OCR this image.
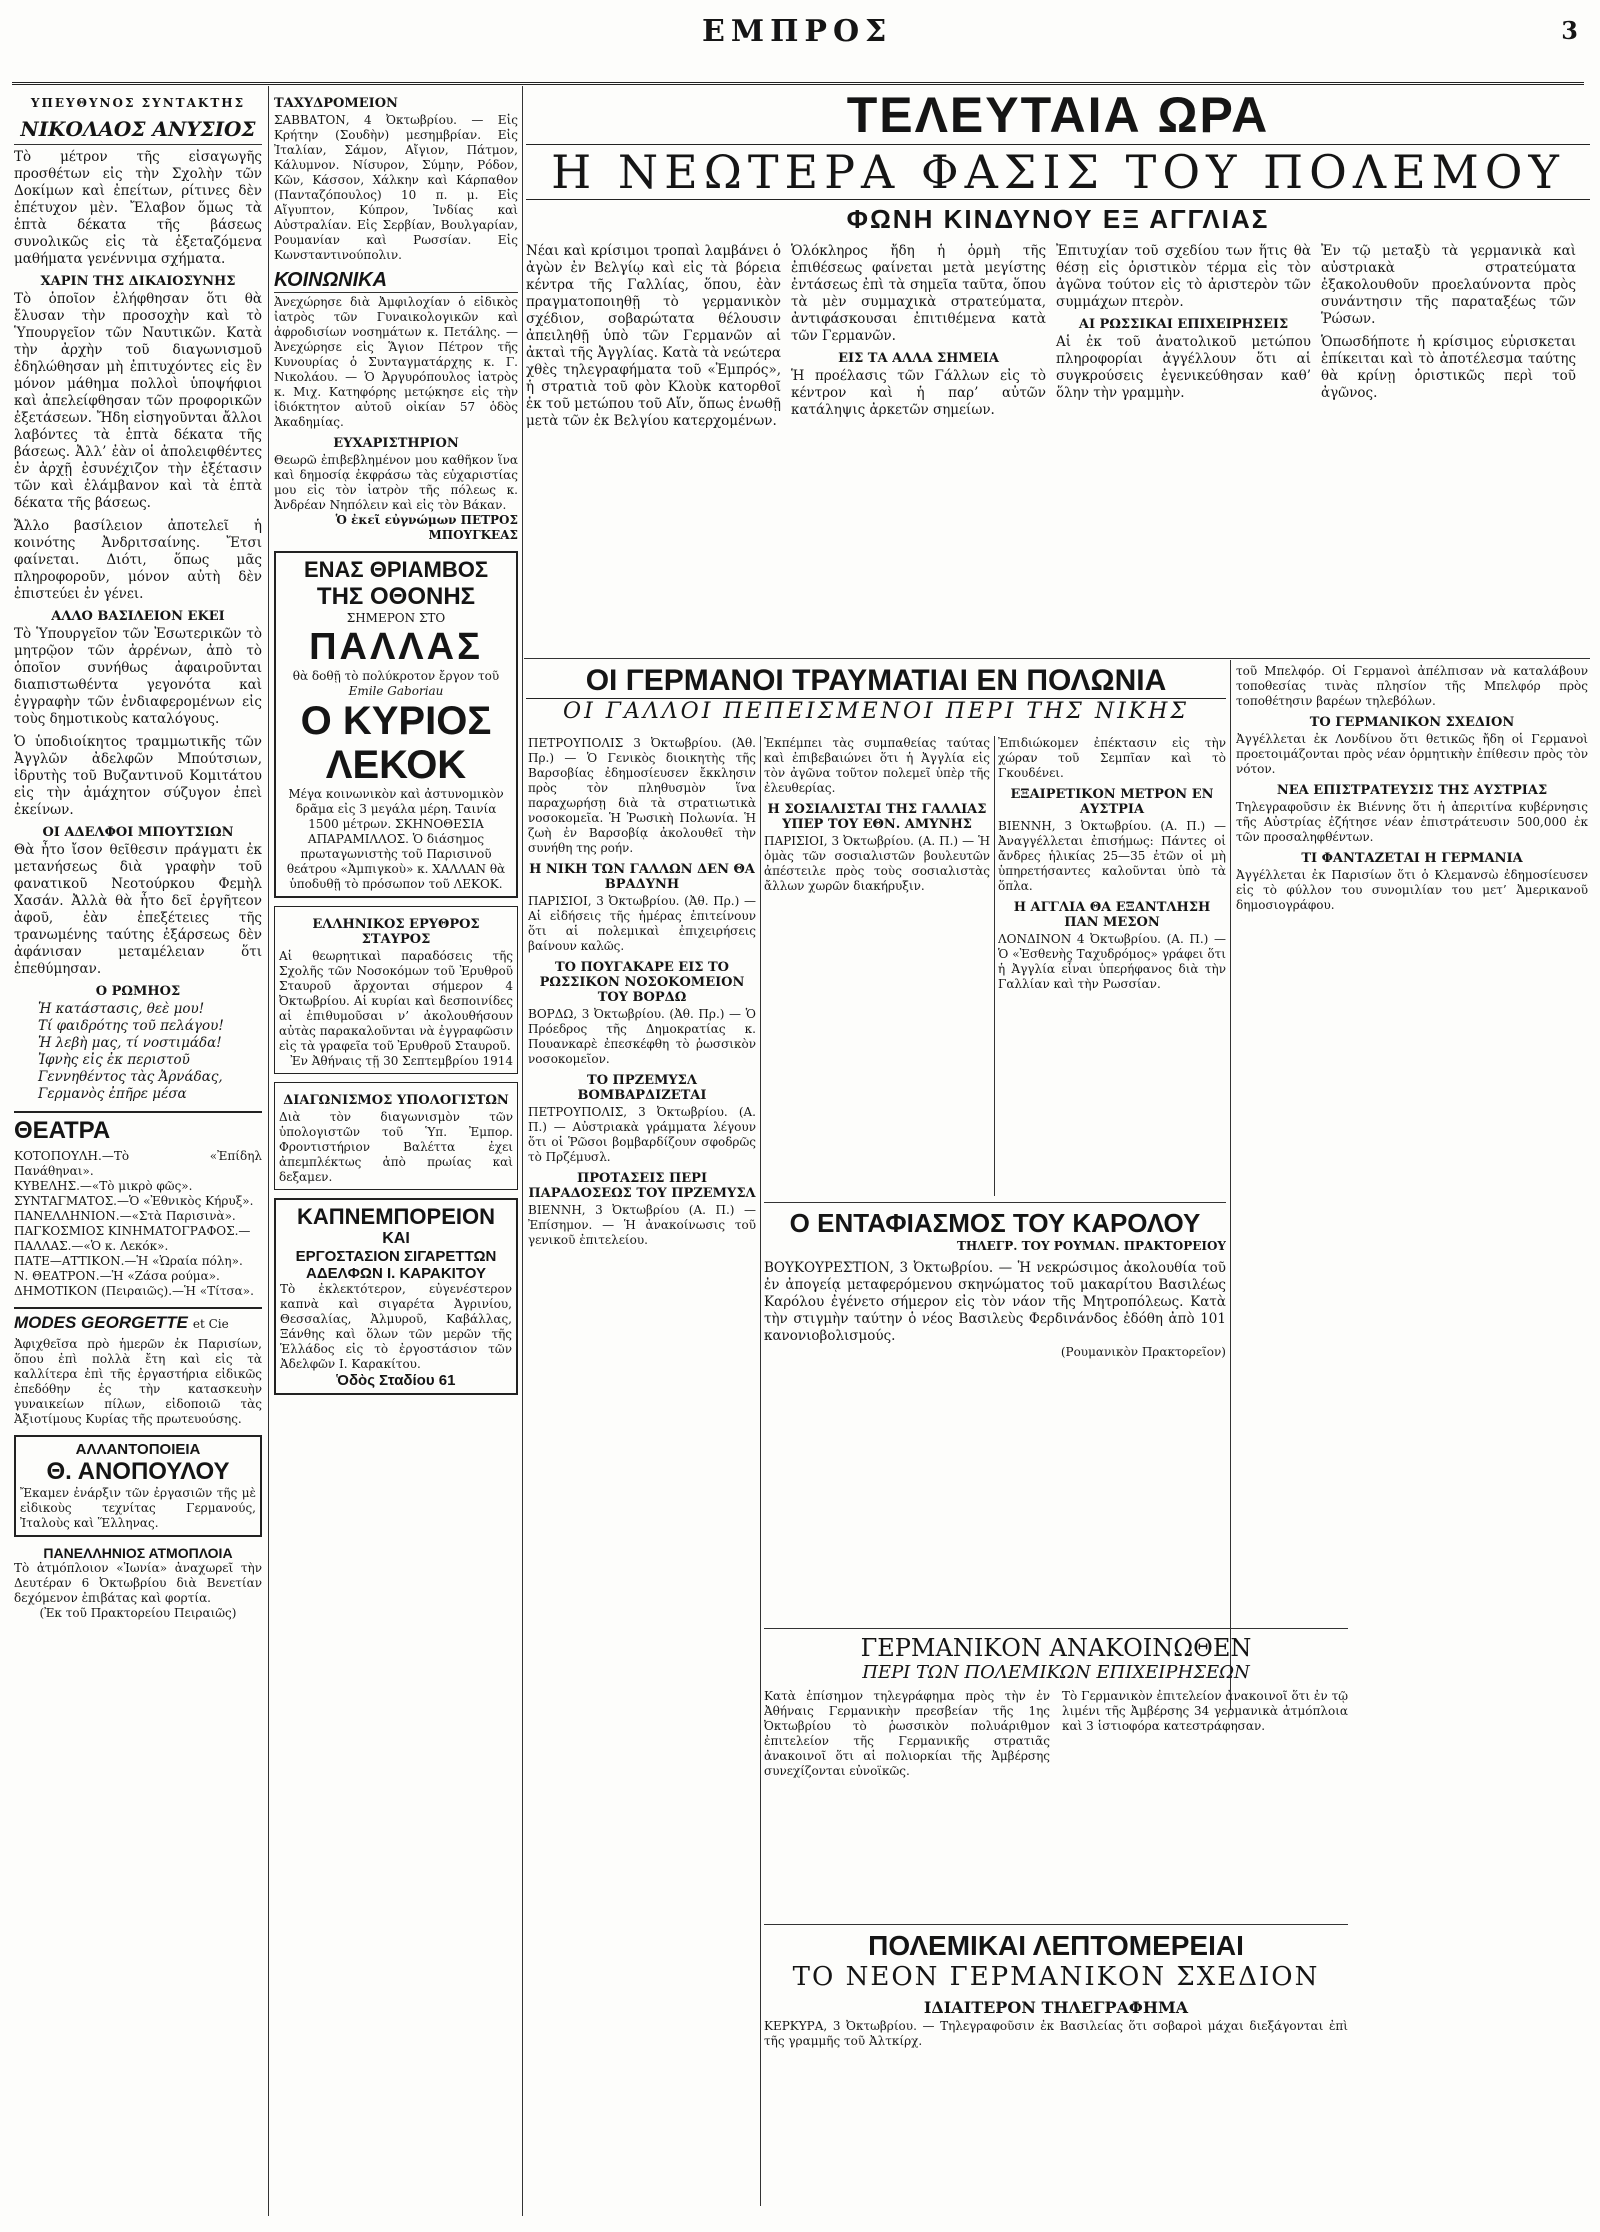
ΕΜΠΡΟΣ	3
ΥΠΕΥΘΥΝΟΣ ΣΥΝΤΑΚΤΗΣ
ΝΙΚΟΛΑΟΣ ΑΝΥΣΙΟΣ

Τὸ μέτρον τῆς εἰσαγωγῆς προσθέτων εἰς τὴν Σχολὴν τῶν Δοκίμων καὶ ἐπείτων, ρίτινες δὲν ἐπέτυχον μὲν. Ἔλαβον ὅμως τὰ ἑπτὰ δέκατα τῆς βάσεως συνολικῶς εἰς τὰ ἐξεταζόμενα μαθήματα γενέννιμα σχήματα.

ΧΑΡΙΝ ΤΗΣ ΔΙΚΑΙΟΣΥΝΗΣ

Τὸ ὁποῖον ἐλήφθησαν ὅτι θὰ ἔλυσαν τὴν προσοχὴν καὶ τὸ Ὑπουργεῖον τῶν Ναυτικῶν. Κατὰ τὴν ἀρχὴν τοῦ διαγωνισμοῦ ἐδηλώθησαν μὴ ἐπιτυχόντες εἰς ἓν μόνον μάθημα πολλοὶ ὑποψήφιοι καὶ ἀπελείφθησαν τῶν προφορικῶν ἐξετάσεων. Ἤδη εἰσηγοῦνται ἄλλοι λαβόντες τὰ ἑπτὰ δέκατα τῆς βάσεως. Ἀλλ’ ἐὰν οἱ ἀπολειφθέντες ἐν ἀρχῇ ἐσυνέχιζον τὴν ἐξέτασιν τῶν καὶ ἐλάμβανον καὶ τὰ ἑπτὰ δέκατα τῆς βάσεως.

Ἄλλο βασίλειον ἀποτελεῖ ἡ κοινότης Ἀνδριτσαίνης. Ἔτσι φαίνεται. Διότι, ὅπως μᾶς πληροφοροῦν, μόνον αὐτὴ δὲν ἐπιστεύει ἐν γένει.

ΑΛΛΟ ΒΑΣΙΛΕΙΟΝ ΕΚΕΙ

Τὸ Ὑπουργεῖον τῶν Ἐσωτερικῶν τὸ μητρῷον τῶν ἀρρένων, ἀπὸ τὸ ὁποῖον συνήθως ἀφαιροῦνται διαπιστωθέντα γεγονότα καὶ ἐγγραφὴν τῶν ἐνδιαφερομένων εἰς τοὺς δημοτικοὺς καταλόγους.

Ὁ ὑποδιοίκητος τραμμωτικῆς τῶν Ἀγγλῶν ἀδελφῶν Μπούτσιων, ἰδρυτὴς τοῦ Βυζαντινοῦ Κομιτάτου εἰς τὴν ἀμάχητον σύζυγον ἐπεὶ ἐκείνων.

ΟΙ ΑΔΕΛΦΟΙ ΜΠΟΥΤΣΙΩΝ

Θὰ ἦτο ἴσον θεῖθεσιν πράγματι ἐκ μετανήσεως διὰ γραφὴν τοῦ φανατικοῦ Νεοτούρκου Φεμὴλ Χασάν. Ἀλλὰ θὰ ἦτο δεῖ ἐργῆτεον ἀφοῦ, ἐὰν ἐπεξέτειες τῆς τρανωμένης ταύτης ἐξάρσεως δὲν ἀφάνισαν μεταμέλειαν ὅτι ἐπεθύμησαν.

Ο ΡΩΜΗΟΣ
Ἡ κατάστασις, θεὲ μου!
Τί φαιδρότης τοῦ πελάγου!
Ἡ λεβὴ μας, τί νοστιμάδα!
Ἰφνὴς εἰς ἐκ περιστοῦ
Γεννηθέντος τὰς Ἀρνάδας,
Γερμανὸς ἐπῆρε μέσα
ΘΕΑΤΡΑ
ΚΟΤΟΠΟΥΛΗ.—Τὸ «Ἐπίδηλ Πανάθηναι».
ΚΥΒΕΛΗΣ.—«Τὸ μικρὸ φῶς».
ΣΥΝΤΑΓΜΑΤΟΣ.—Ὁ «Ἐθνικὸς Κήρυξ».
ΠΑΝΕΛΛΗΝΙΟΝ.—«Στὰ Παρισινὰ».
ΠΑΓΚΟΣΜΙΟΣ ΚΙΝΗΜΑΤΟΓΡΑΦΟΣ.—
ΠΑΛΛΑΣ.—«Ὁ κ. Λεκόκ».
ΠΑΤΕ—ΑΤΤΙΚΟΝ.—Ἡ «Ὡραία πόλη».
Ν. ΘΕΑΤΡΟΝ.—Ἡ «Ζάσα ρούμα».
ΔΗΜΟΤΙΚΟΝ (Πειραιῶς).—Ἡ «Τίτσα».
MODES GEORGETTE et Cie

Ἀφιχθεῖσα πρὸ ἡμερῶν ἐκ Παρισίων, ὅπου ἐπὶ πολλὰ ἔτη καὶ εἰς τὰ καλλίτερα ἐπὶ τῆς ἐργαστήρια εἰδικῶς ἐπεδόθην ἐς τὴν κατασκευὴν γυναικείων πίλων, εἰδοποιῶ τὰς Ἀξιοτίμους Κυρίας τῆς πρωτευούσης.

ΑΛΛΑΝΤΟΠΟΙΕΙΑ
Θ. ΑΝΟΠΟΥΛΟΥ

Ἔκαμεν ἐνάρξιν τῶν ἐργασιῶν τῆς μὲ εἰδικοὺς τεχνίτας Γερμανούς, Ἰταλοὺς καὶ Ἕλληνας.

ΠΑΝΕΛΛΗΝΙΟΣ ΑΤΜΟΠΛΟΙΑ

Τὸ ἀτμόπλοιον «Ἰωνία» ἀναχωρεῖ τὴν Δευτέραν 6 Ὀκτωβρίου διὰ Βενετίαν δεχόμενον ἐπιβάτας καὶ φορτία.

(Ἐκ τοῦ Πρακτορείου Πειραιῶς)
ΤΑΧΥΔΡΟΜΕΙΟΝ

ΣΑΒΒΑΤΟΝ, 4 Ὀκτωβρίου. — Εἰς Κρήτην (Σουδὴν) μεσημβρίαν. Εἰς Ἰταλίαν, Σάμον, Αἴγιον, Πάτμον, Κάλυμνον. Νίσυρον, Σύμην, Ρόδον, Κῶν, Κάσσον, Χάλκην καὶ Κάρπαθον (Πανταζόπουλος) 10 π. μ. Εἰς Αἴγυπτον, Κύπρον, Ἰνδίας καὶ Αὐστραλίαν. Εἰς Σερβίαν, Βουλγαρίαν, Ρουμανίαν καὶ Ρωσσίαν. Εἰς Κωνσταντινούπολιν.

ΚΟΙΝΩΝΙΚΑ

Ἀνεχώρησε διὰ Ἀμφιλοχίαν ὁ εἰδικὸς ἰατρὸς τῶν Γυναικολογικῶν καὶ ἀφροδισίων νοσημάτων κ. Πετάλης. — Ἀνεχώρησε εἰς Ἅγιον Πέτρον τῆς Κυνουρίας ὁ Συνταγματάρχης κ. Γ. Νικολάου. — Ὁ Ἀργυρόπουλος ἰατρὸς κ. Μιχ. Κατηφόρης μετῴκησε εἰς τὴν ἰδιόκτητον αὐτοῦ οἰκίαν 57 ὁδὸς Ἀκαδημίας.

ΕΥΧΑΡΙΣΤΗΡΙΟΝ

Θεωρῶ ἐπιβεβλημένον μου καθῆκον ἵνα καὶ δημοσίᾳ ἐκφράσω τὰς εὐχαριστίας μου εἰς τὸν ἰατρὸν τῆς πόλεως κ. Ἀνδρέαν Νηπόλειν καὶ εἰς τὸν Βάκαν.

Ὁ ἐκεῖ εὐγνώμων ΠΕΤΡΟΣ ΜΠΟΥΓΚΕΑΣ
ΕΝΑΣ ΘΡΙΑΜΒΟΣ
ΤΗΣ ΟΘΟΝΗΣ
ΣΗΜΕΡΟΝ ΣΤΟ
ΠΑΛΛΑΣ
θὰ δοθῇ τὸ πολύκροτον ἔργον τοῦ
Emile Gaboriau
Ο ΚΥΡΙΟΣ ΛΕΚΟΚ

Μέγα κοινωνικὸν καὶ ἀστυνομικὸν δρᾶμα εἰς 3 μεγάλα μέρη. Ταινία 1500 μέτρων. ΣΚΗΝΟΘΕΣΙΑ ΑΠΑΡΑΜΙΛΛΟΣ. Ὁ διάσημος πρωταγωνιστὴς τοῦ Παρισινοῦ θεάτρου «Ἀμπιγκοὺ» κ. ΧΑΛΛΑΝ θὰ ὑποδυθῇ τὸ πρόσωπον τοῦ ΛΕΚΟΚ.

ΕΛΛΗΝΙΚΟΣ ΕΡΥΘΡΟΣ ΣΤΑΥΡΟΣ

Αἱ θεωρητικαὶ παραδόσεις τῆς Σχολῆς τῶν Νοσοκόμων τοῦ Ἐρυθροῦ Σταυροῦ ἄρχονται σήμερον 4 Ὀκτωβρίου. Αἱ κυρίαι καὶ δεσποινίδες αἱ ἐπιθυμοῦσαι ν’ ἀκολουθήσουν αὐτὰς παρακαλοῦνται νὰ ἐγγραφῶσιν εἰς τὰ γραφεῖα τοῦ Ἐρυθροῦ Σταυροῦ.

Ἐν Ἀθήναις τῇ 30 Σεπτεμβρίου 1914
ΔΙΑΓΩΝΙΣΜΟΣ ΥΠΟΛΟΓΙΣΤΩΝ

Διὰ τὸν διαγωνισμὸν τῶν ὑπολογιστῶν τοῦ Ὑπ. Ἐμπορ. Φροντιστήριον Βαλέττα ἐχει ἀπεμπλέκτως ἀπὸ πρωίας καὶ δεξαμεν.

ΚΑΠΝΕΜΠΟΡΕΙΟΝ
ΚΑΙ
ΕΡΓΟΣΤΑΣΙΟΝ ΣΙΓΑΡΕΤΤΩΝ
ΑΔΕΛΦΩΝ Ι. ΚΑΡΑΚΙΤΟΥ

Τὸ ἐκλεκτότερον, εὐγενέστερον καπνὰ καὶ σιγαρέτα Ἀγρινίου, Θεσσαλίας, Ἀλμυροῦ, Καβάλλας, Ξάνθης καὶ ὅλων τῶν μερῶν τῆς Ἑλλάδος εἰς τὸ ἐργοστάσιον τῶν Ἀδελφῶν Ι. Καρακίτου.

Ὁδὸς Σταδίου 61
ΤΕΛΕΥΤΑΙΑ ΩΡΑ
Η ΝΕΩΤΕΡΑ ΦΑΣΙΣ ΤΟΥ ΠΟΛΕΜΟΥ
ΦΩΝΗ ΚΙΝΔΥΝΟΥ ΕΞ ΑΓΓΛΙΑΣ

Νέαι καὶ κρίσιμοι τροπαὶ λαμβάνει ὁ ἀγὼν ἐν Βελγίῳ καὶ εἰς τὰ βόρεια κέντρα τῆς Γαλλίας, ὅπου, ἐὰν πραγματοποιηθῇ τὸ γερμανικὸν σχέδιον, σοβαρώτατα θέλουσιν ἀπειληθῇ ὑπὸ τῶν Γερμανῶν αἱ ἀκταὶ τῆς Ἀγγλίας. Κατὰ τὰ νεώτερα χθὲς τηλεγραφήματα τοῦ «Ἐμπρός», ἡ στρατιὰ τοῦ φὸν Κλοὺκ κατορθοῖ ἐκ τοῦ μετώπου τοῦ Αἴν, ὅπως ἑνωθῇ μετὰ τῶν ἐκ Βελγίου κατερχομένων.

Ὁλόκληρος ἤδη ἡ ὁρμὴ τῆς ἐπιθέσεως φαίνεται μετὰ μεγίστης ἐντάσεως ἐπὶ τὰ σημεῖα ταῦτα, ὅπου τὰ μὲν συμμαχικὰ στρατεύματα, ἀντιφάσκουσαι ἐπιτιθέμενα κατὰ τῶν Γερμανῶν.

ΕΙΣ ΤΑ ΑΛΛΑ ΣΗΜΕΙΑ

Ἡ προέλασις τῶν Γάλλων εἰς τὸ κέντρον καὶ ἡ παρ’ αὐτῶν κατάληψις ἀρκετῶν σημείων.

Ἐπιτυχίαν τοῦ σχεδίου των ἥτις θὰ θέσῃ εἰς ὁριστικὸν τέρμα εἰς τὸν ἀγῶνα τούτον εἰς τὸ ἀριστερὸν τῶν συμμάχων πτερὸν.

ΑΙ ΡΩΣΣΙΚΑΙ ΕΠΙΧΕΙΡΗΣΕΙΣ

Αἱ ἐκ τοῦ ἀνατολικοῦ μετώπου πληροφορίαι ἀγγέλλουν ὅτι αἱ συγκρούσεις ἐγενικεύθησαν καθ’ ὅλην τὴν γραμμὴν.

Ἐν τῷ μεταξὺ τὰ γερμανικὰ καὶ αὐστριακὰ στρατεύματα ἐξακολουθοῦν προελαύνοντα πρὸς συνάντησιν τῆς παραταξέως τῶν Ῥώσων.

Ὁπωσδήποτε ἡ κρίσιμος εὑρισκεται ἐπίκειται καὶ τὸ ἀποτέλεσμα ταύτης θὰ κρίνῃ ὁριστικῶς περὶ τοῦ ἀγῶνος.

ΟΙ ΓΕΡΜΑΝΟΙ ΤΡΑΥΜΑΤΙΑΙ ΕΝ ΠΟΛΩΝΙΑ
ΟΙ ΓΑΛΛΟΙ ΠΕΠΕΙΣΜΕΝΟΙ ΠΕΡΙ ΤΗΣ ΝΙΚΗΣ

ΠΕΤΡΟΥΠΟΛΙΣ 3 Ὀκτωβρίου. (Ἀθ. Πρ.) — Ὁ Γενικὸς διοικητὴς τῆς Βαρσοβίας ἐδημοσίευσεν ἔκκλησιν πρὸς τὸν πληθυσμὸν ἵνα παραχωρήσῃ διὰ τὰ στρατιωτικὰ νοσοκομεῖα. Ἡ Ῥωσικὴ Πολωνία. Ἡ ζωὴ ἐν Βαρσοβίᾳ ἀκολουθεῖ τὴν συνήθη της ροήν.

Η ΝΙΚΗ ΤΩΝ ΓΑΛΛΩΝ ΔΕΝ ΘΑ ΒΡΑΔΥΝΗ

ΠΑΡΙΣΙΟΙ, 3 Ὀκτωβρίου. (Ἀθ. Πρ.) — Αἱ εἰδήσεις τῆς ἡμέρας ἐπιτείνουν ὅτι αἱ πολεμικαὶ ἐπιχειρήσεις βαίνουν καλῶς.

ΤΟ ΠΟΥΓΑΚΑΡΕ ΕΙΣ ΤΟ ΡΩΣΣΙΚΟΝ ΝΟΣΟΚΟΜΕΙΟΝ ΤΟΥ ΒΟΡΔΩ

ΒΟΡΔΩ, 3 Ὀκτωβρίου. (Ἀθ. Πρ.) — Ὁ Πρόεδρος τῆς Δημοκρατίας κ. Πουανκαρὲ ἐπεσκέφθη τὸ ῥωσσικὸν νοσοκομεῖον.

ΤΟ ΠΡΖΕΜΥΣΛ ΒΟΜΒΑΡΔΙΖΕΤΑΙ

ΠΕΤΡΟΥΠΟΛΙΣ, 3 Ὀκτωβρίου. (Α. Π.) — Αὐστριακὰ γράμματα λέγουν ὅτι οἱ Ῥῶσοι βομβαρδίζουν σφοδρῶς τὸ Πρζέμυσλ.

ΠΡΟΤΑΣΕΙΣ ΠΕΡΙ ΠΑΡΑΔΟΣΕΩΣ ΤΟΥ ΠΡΖΕΜΥΣΛ

ΒΙΕΝΝΗ, 3 Ὀκτωβρίου (Α. Π.) — Ἐπίσημον. — Ἡ ἀνακοίνωσις τοῦ γενικοῦ ἐπιτελείου.

Ἐκπέμπει τὰς συμπαθείας ταύτας καὶ ἐπιβεβαιώνει ὅτι ἡ Ἀγγλία εἰς τὸν ἀγῶνα τοῦτον πολεμεῖ ὑπὲρ τῆς ἐλευθερίας.

Η ΣΟΣΙΑΛΙΣΤΑΙ ΤΗΣ ΓΑΛΛΙΑΣ ΥΠΕΡ ΤΟΥ ΕΘΝ. ΑΜΥΝΗΣ

ΠΑΡΙΣΙΟΙ, 3 Ὀκτωβρίου. (Α. Π.) — Ἡ ὁμὰς τῶν σοσιαλιστῶν βουλευτῶν ἀπέστειλε πρὸς τοὺς σοσιαλιστὰς ἄλλων χωρῶν διακήρυξιν.

Ἐπιδιώκομεν ἐπέκτασιν εἰς τὴν χώραν τοῦ Σεμπῖαν καὶ τὸ Γκουδένει.

ΕΞΑΙΡΕΤΙΚΟΝ ΜΕΤΡΟΝ ΕΝ ΑΥΣΤΡΙΑ

ΒΙΕΝΝΗ, 3 Ὀκτωβρίου. (Α. Π.) — Ἀναγγέλλεται ἐπισήμως: Πάντες οἱ ἄνδρες ἡλικίας 25—35 ἐτῶν οἱ μὴ ὑπηρετήσαντες καλοῦνται ὑπὸ τὰ ὅπλα.

Η ΑΓΓΛΙΑ ΘΑ ΕΞΑΝΤΛΗΣΗ ΠΑΝ ΜΕΣΟΝ

ΛΟΝΔΙΝΟΝ 4 Ὀκτωβρίου. (Α. Π.) — Ὁ «Ἐσθενὴς Ταχυδρόμος» γράφει ὅτι ἡ Ἀγγλία εἶναι ὑπερήφανος διὰ τὴν Γαλλίαν καὶ τὴν Ρωσσίαν.

τοῦ Μπελφόρ. Οἱ Γερμανοὶ ἀπέλπισαν νὰ καταλάβουν τοποθεσίας τινὰς πλησίον τῆς Μπελφόρ πρὸς τοποθέτησιν βαρέων τηλεβόλων.

ΤΟ ΓΕΡΜΑΝΙΚΟΝ ΣΧΕΔΙΟΝ

Ἀγγέλλεται ἐκ Λονδίνου ὅτι θετικῶς ἤδη οἱ Γερμανοὶ προετοιμάζονται πρὸς νέαν ὁρμητικὴν ἐπίθεσιν πρὸς τὸν νότον.

ΝΕΑ ΕΠΙΣΤΡΑΤΕΥΣΙΣ ΤΗΣ ΑΥΣΤΡΙΑΣ

Τηλεγραφοῦσιν ἐκ Βιέννης ὅτι ἡ ἀπεριτίνα κυβέρνησις τῆς Αὐστρίας ἐζήτησε νέαν ἐπιστράτευσιν 500,000 ἐκ τῶν προσαληφθέντων.

ΤΙ ΦΑΝΤΑΖΕΤΑΙ Η ΓΕΡΜΑΝΙΑ

Ἀγγέλλεται ἐκ Παρισίων ὅτι ὁ Κλεμανσὼ ἐδημοσίευσεν εἰς τὸ φύλλον του συνομιλίαν του μετ’ Ἀμερικανοῦ δημοσιογράφου.

Ο ΕΝΤΑΦΙΑΣΜΟΣ ΤΟΥ ΚΑΡΟΛΟΥ
ΤΗΛΕΓΡ. ΤΟΥ ΡΟΥΜΑΝ. ΠΡΑΚΤΟΡΕΙΟΥ

ΒΟΥΚΟΥΡΕΣΤΙΟΝ, 3 Ὀκτωβρίου. — Ἡ νεκρώσιμος ἀκολουθία τοῦ ἐν ἀπογείᾳ μεταφερόμενου σκηνώματος τοῦ μακαρίτου Βασιλέως Καρόλου ἐγένετο σήμερον εἰς τὸν νάον τῆς Μητροπόλεως. Κατὰ τὴν στιγμὴν ταύτην ὁ νέος Βασιλεὺς Φερδινάνδος ἐδόθη ἀπὸ 101 κανονιοβολισμούς.

(Ρουμανικὸν Πρακτορεῖον)
ΓΕΡΜΑΝΙΚΟΝ ΑΝΑΚΟΙΝΩΘΕΝ
ΠΕΡΙ ΤΩΝ ΠΟΛΕΜΙΚΩΝ ΕΠΙΧΕΙΡΗΣΕΩΝ

Κατὰ ἐπίσημον τηλεγράφημα πρὸς τὴν ἐν Ἀθήναις Γερμανικὴν πρεσβείαν τῆς 1ης Ὀκτωβρίου τὸ ῥωσσικὸν πολυάριθμον ἐπιτελείον τῆς Γερμανικῆς στρατιᾶς ἀνακοινοῖ ὅτι αἱ πολιορκίαι τῆς Ἀμβέρσης συνεχίζονται εὐνοϊκῶς.

Τὸ Γερμανικὸν ἐπιτελείον ἀνακοινοῖ ὅτι ἐν τῷ λιμένι τῆς Ἀμβέρσης 34 γερμανικὰ ἀτμόπλοια καὶ 3 ἱστιοφόρα κατεστράφησαν.

ΠΟΛΕΜΙΚΑΙ ΛΕΠΤΟΜΕΡΕΙΑΙ
ΤΟ ΝΕΟΝ ΓΕΡΜΑΝΙΚΟΝ ΣΧΕΔΙΟΝ
ΙΔΙΑΙΤΕΡΟΝ ΤΗΛΕΓΡΑΦΗΜΑ

ΚΕΡΚΥΡΑ, 3 Ὀκτωβρίου. — Τηλεγραφοῦσιν ἐκ Βασιλείας ὅτι σοβαροὶ μάχαι διεξάγονται ἐπὶ τῆς γραμμῆς τοῦ Ἀλτκίρχ.
